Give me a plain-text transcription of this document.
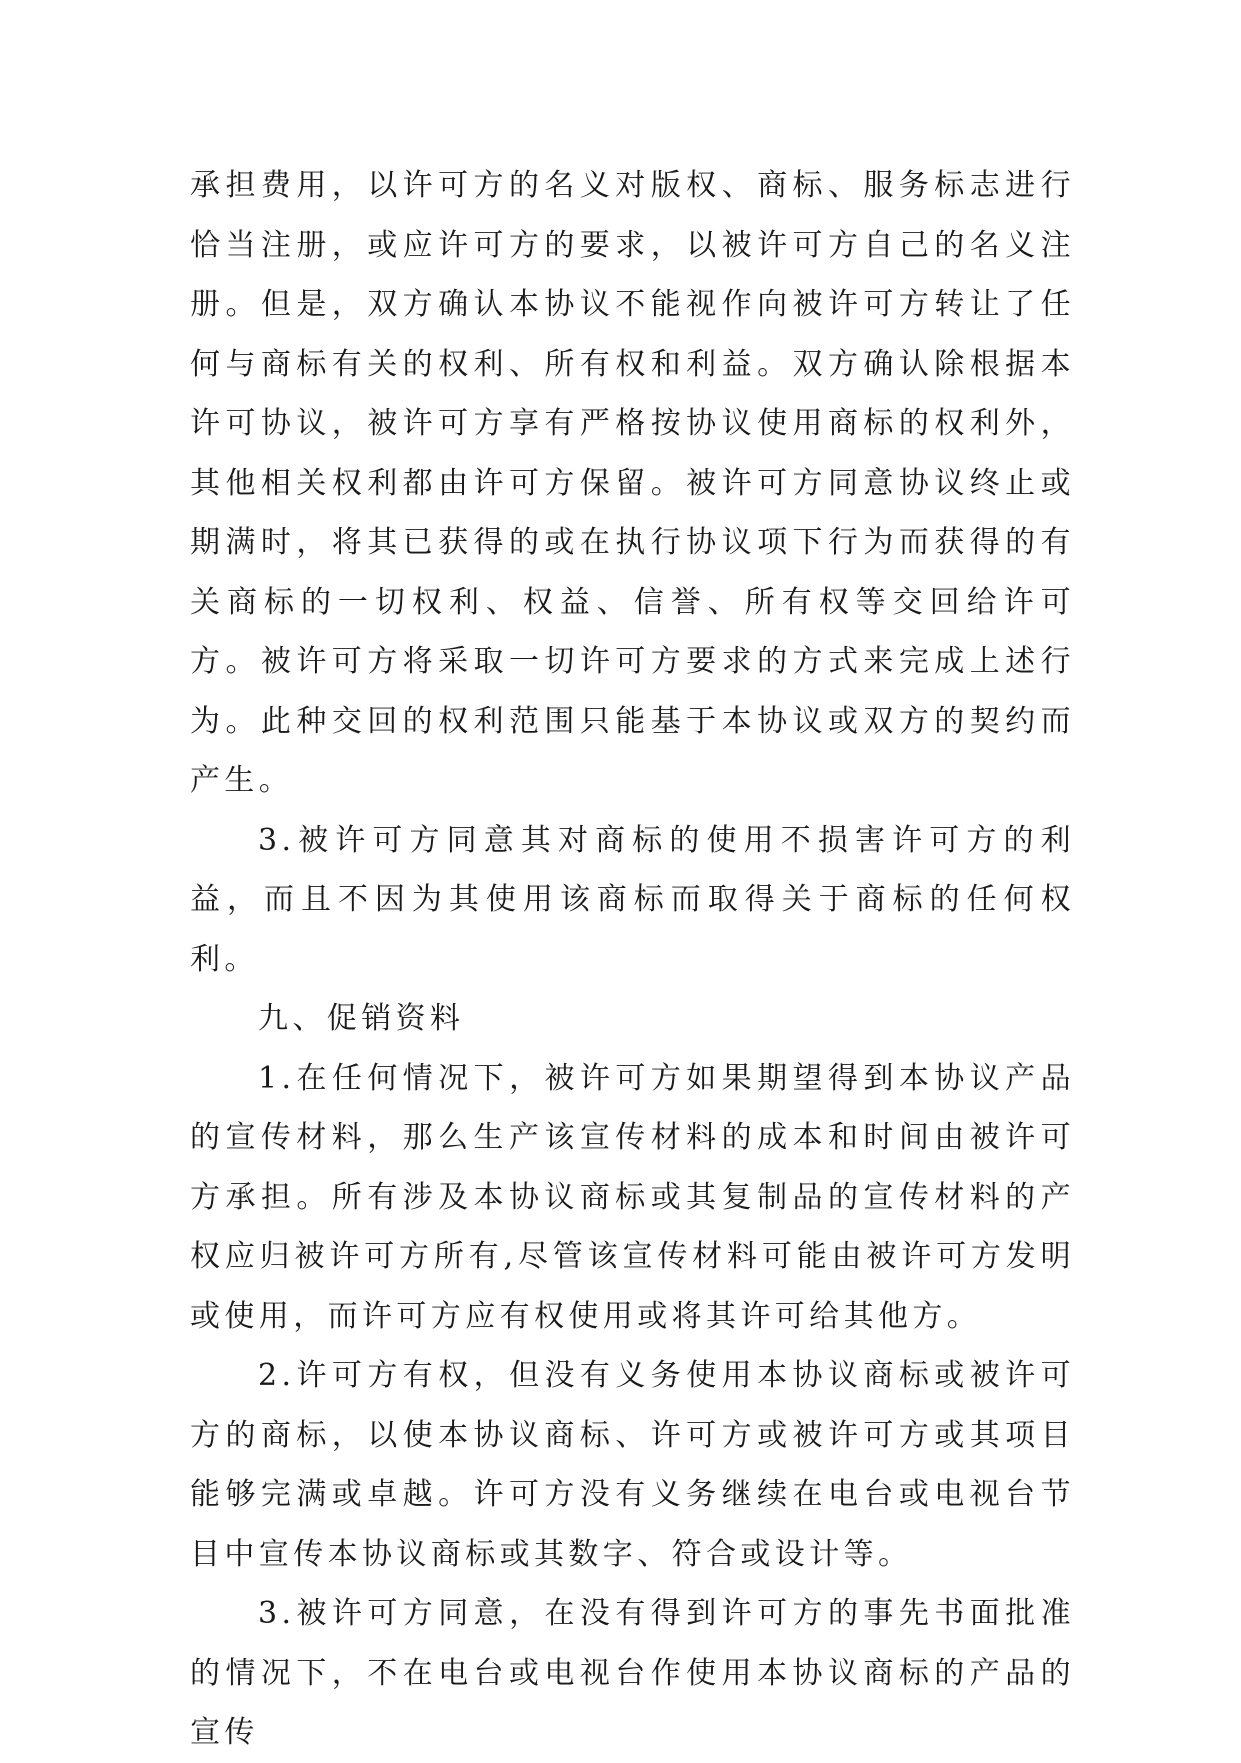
承担费用，以许可方的名义对版权、商标、服务标志进行恰当注册，或应许可方的要求，以被许可方自己的名义注册。但是，双方确认本协议不能视作向被许可方转让了任何与商标有关的权利、所有权和利益。双方确认除根据本许可协议，被许可方享有严格按协议使用商标的权利外，其他相关权利都由许可方保留。被许可方同意协议终止或期满时，将其已获得的或在执行协议项下行为而获得的有关商标的一切权利、权益、信誉、所有权等交回给许可方。被许可方将采取一切许可方要求的方式来完成上述行为。此种交回的权利范围只能基于本协议或双方的契约而产生。

3.被许可方同意其对商标的使用不损害许可方的利益，而且不因为其使用该商标而取得关于商标的任何权利。

九、促销资料

1.在任何情况下，被许可方如果期望得到本协议产品的宣传材料，那么生产该宣传材料的成本和时间由被许可方承担。所有涉及本协议商标或其复制品的宣传材料的产权应归被许可方所有,尽管该宣传材料可能由被许可方发明或使用，而许可方应有权使用或将其许可给其他方。

2.许可方有权，但没有义务使用本协议商标或被许可方的商标，以使本协议商标、许可方或被许可方或其项目能够完满或卓越。许可方没有义务继续在电台或电视台节目中宣传本协议商标或其数字、符合或设计等。

3.被许可方同意，在没有得到许可方的事先书面批准的情况下，不在电台或电视台作使用本协议商标的产品的宣传
